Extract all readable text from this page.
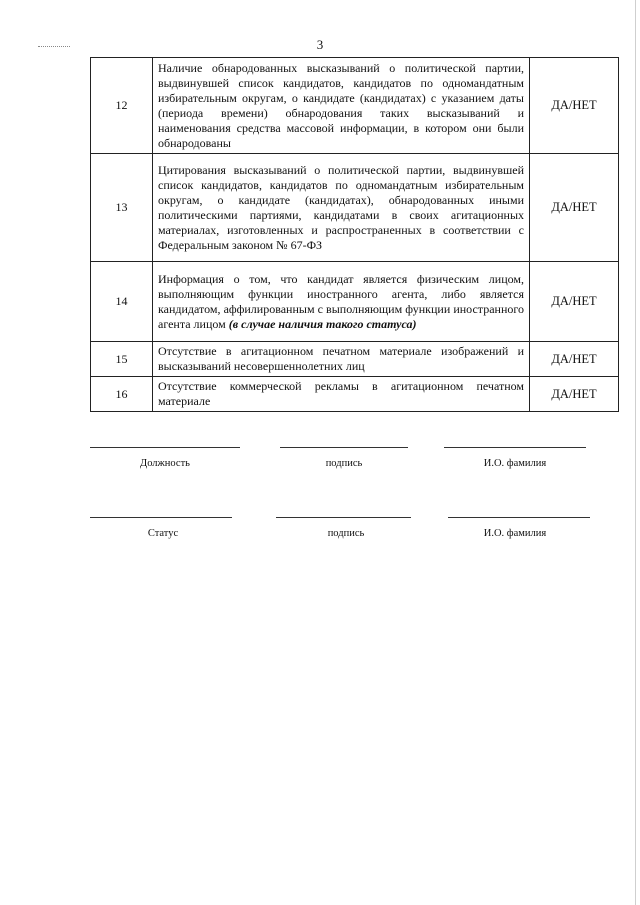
3
12	Наличие обнародованных высказываний о политической партии, выдвинувшей список кандидатов, кандидатов по одномандатным избирательным округам, о кандидате (кандидатах) с указанием даты (периода времени) обнародования таких высказываний и наименования средства массовой информации, в котором они были обнародованы	ДА/НЕТ
13	Цитирования высказываний о политической партии, выдвинувшей список кандидатов, кандидатов по одномандатным избирательным округам, о кандидате (кандидатах), обнародованных иными политическими партиями, кандидатами в своих агитационных материалах, изготовленных и распространенных в соответствии с Федеральным законом № 67-ФЗ	ДА/НЕТ
14	Информация о том, что кандидат является физическим лицом, выполняющим функции иностранного агента, либо является кандидатом, аффилированным с выполняющим функции иностранного агента лицом (в случае наличия такого статуса)	ДА/НЕТ
15	Отсутствие в агитационном печатном материале изображений и высказываний несовершеннолетних лиц	ДА/НЕТ
16	Отсутствие коммерческой рекламы в агитационном печатном материале	ДА/НЕТ
Должность	подпись	И.О. фамилия
Статус	подпись	И.О. фамилия
